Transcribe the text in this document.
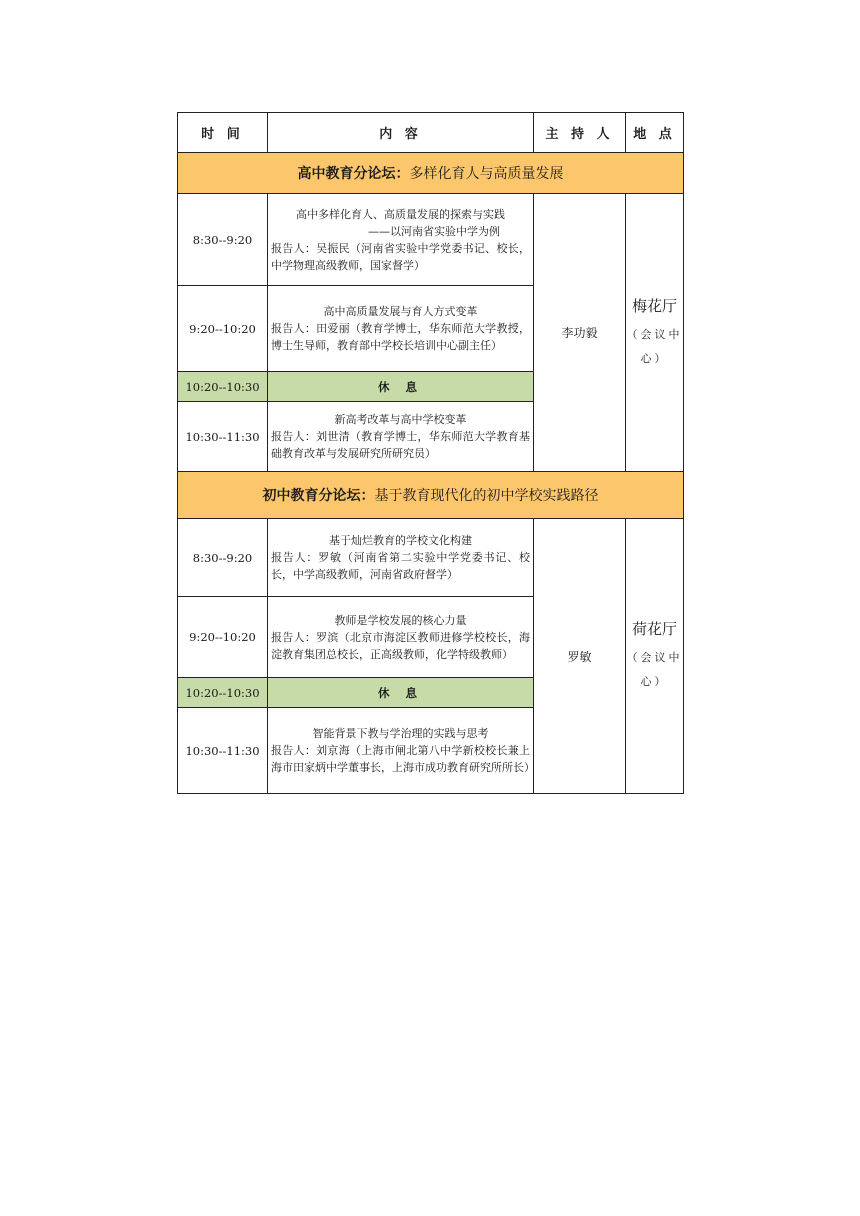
时 间	内 容	主 持 人	地 点
高中教育分论坛：多样化育人与高质量发展			
8:30--9:20	高中多样化育人、高质量发展的探索与实践
——以河南省实验中学为例
报告人：吴振民（河南省实验中学党委书记、校长，中学物理高级教师，国家督学）	李功毅	梅花厅
（会议中心）

9:20--10:20	高中高质量发展与育人方式变革
报告人：田爱丽（教育学博士，华东师范大学教授，博士生导师，教育部中学校长培训中心副主任）		

10:20--10:30	休 息		
10:30--11:30	新高考改革与高中学校变革
报告人：刘世清（教育学博士，华东师范大学教育基础教育改革与发展研究所研究员）		

初中教育分论坛：基于教育现代化的初中学校实践路径			
8:30--9:20	基于灿烂教育的学校文化构建
报告人：罗敏（河南省第二实验中学党委书记、校长，中学高级教师，河南省政府督学）	罗敏	荷花厅
（会议中心）

9:20--10:20	教师是学校发展的核心力量
报告人：罗滨（北京市海淀区教师进修学校校长，海淀教育集团总校长，正高级教师，化学特级教师）		

10:20--10:30	休 息		
10:30--11:30	智能背景下教与学治理的实践与思考
报告人：刘京海（上海市闸北第八中学新校校长兼上海市田家炳中学董事长，上海市成功教育研究所所长）		
